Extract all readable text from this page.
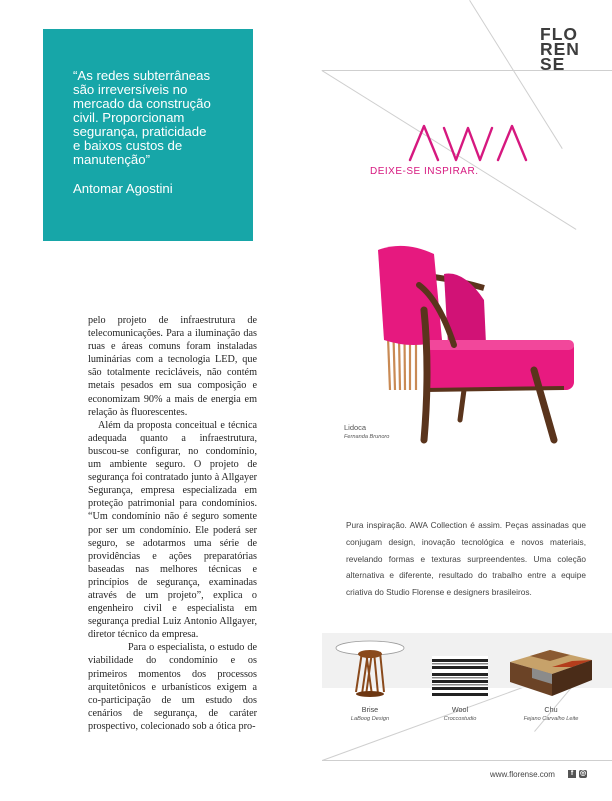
“As redes subterrâneas
são irreversíveis no
mercado da construção
civil. Proporcionam
segurança, praticidade
e baixos custos de
manutenção”

Antomar Agostini

pelo projeto de infraestrutura de telecomunicações. Para a iluminação das ruas e áreas comuns foram instaladas luminárias com a tecnologia LED, que são totalmente recicláveis, não contém metais pesados em sua composição e economizam 90% a mais de energia em relação às fluorescentes.

Além da proposta conceitual e técnica adequada quanto a infraestrutura, buscou-se configurar, no condomínio, um ambiente seguro. O projeto de segurança foi contratado junto à Allgayer Segurança, empresa especializada em proteção patrimonial para condomínios. “Um condomínio não é seguro somente por ser um condomínio. Ele poderá ser seguro, se adotarmos uma série de providências e ações preparatórias baseadas nas melhores técnicas e princípios de segurança, examinadas através de um projeto”, explica o engenheiro civil e especialista em segurança predial Luiz Antonio Allgayer, diretor técnico da empresa.

Para o especialista, o estudo de viabilidade do condomínio e os primeiros momentos dos processos arquitetônicos e urbanísticos exigem a co-participação de um estudo dos cenários de segurança, de caráter prospectivo, colecionado sob a ótica pro-

FLO
REN
SE
DEIXE-SE INSPIRAR.
Lidoca
Fernanda Brunoro
Pura inspiração. AWA Collection é assim. Peças assinadas que conjugam design, inovação tecnológica e novos materiais, revelando formas e texturas surpreendentes. Uma coleção alternativa e diferente, resultado do trabalho entre a equipe criativa do Studio Florense e designers brasileiros.
Brise
LaBoog Design
Wool
Croccostudio
Chu
Fejano Carvalho Leite
www.florense.com	f ◎
